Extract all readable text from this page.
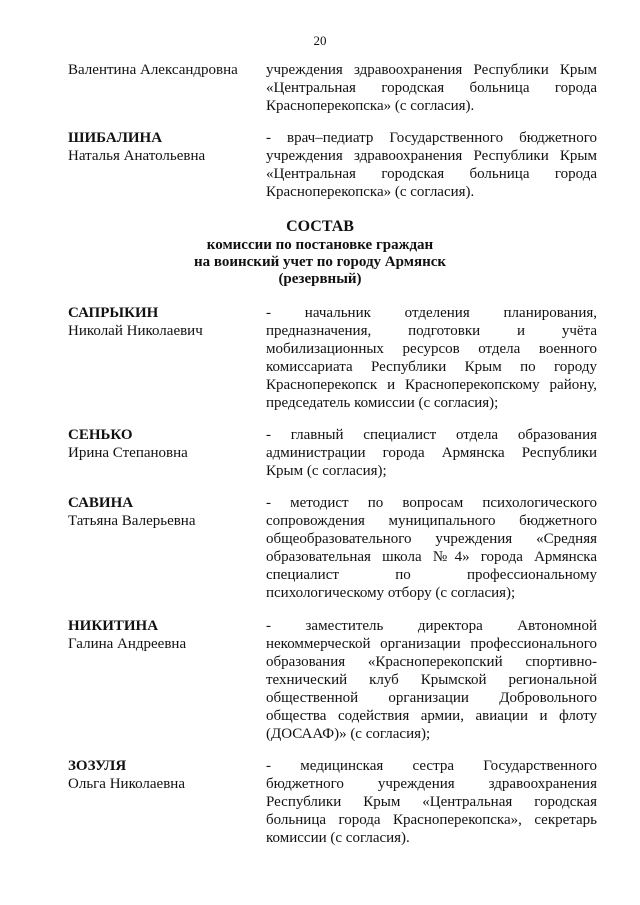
20
Валентина Александровна	учреждения здравоохранения Республики Крым «Центральная городская больница города Красноперекопска» (с согласия).
ШИБАЛИНА
Наталья Анатольевна
- врач–педиатр Государственного бюджетного учреждения здравоохранения Республики Крым «Центральная городская больница города Красноперекопска» (с согласия).
СОСТАВ
комиссии по постановке граждан
на воинский учет по городу Армянск
(резервный)
САПРЫКИН
Николай Николаевич
- начальник отделения планирования, предназначения, подготовки и учёта мобилизационных ресурсов отдела военного комиссариата Республики Крым по городу Красноперекопск и Красноперекопскому району, председатель комиссии (с согласия);
СЕНЬКО
Ирина Степановна
- главный специалист отдела образования администрации города Армянска Республики Крым (с согласия);
САВИНА
Татьяна Валерьевна
- методист по вопросам психологического сопровождения муниципального бюджетного общеобразовательного учреждения «Средняя образовательная школа №4» города Армянска специалист по профессиональному психологическому отбору (с согласия);
НИКИТИНА
Галина Андреевна
- заместитель директора Автономной некоммерческой организации профессионального образования «Красноперекопский спортивно-технический клуб Крымской региональной общественной организации Добровольного общества содействия армии, авиации и флоту (ДОСААФ)» (с согласия);
ЗОЗУЛЯ
Ольга Николаевна
- медицинская сестра Государственного бюджетного учреждения здравоохранения Республики Крым «Центральная городская больница города Красноперекопска», секретарь комиссии (с согласия).
